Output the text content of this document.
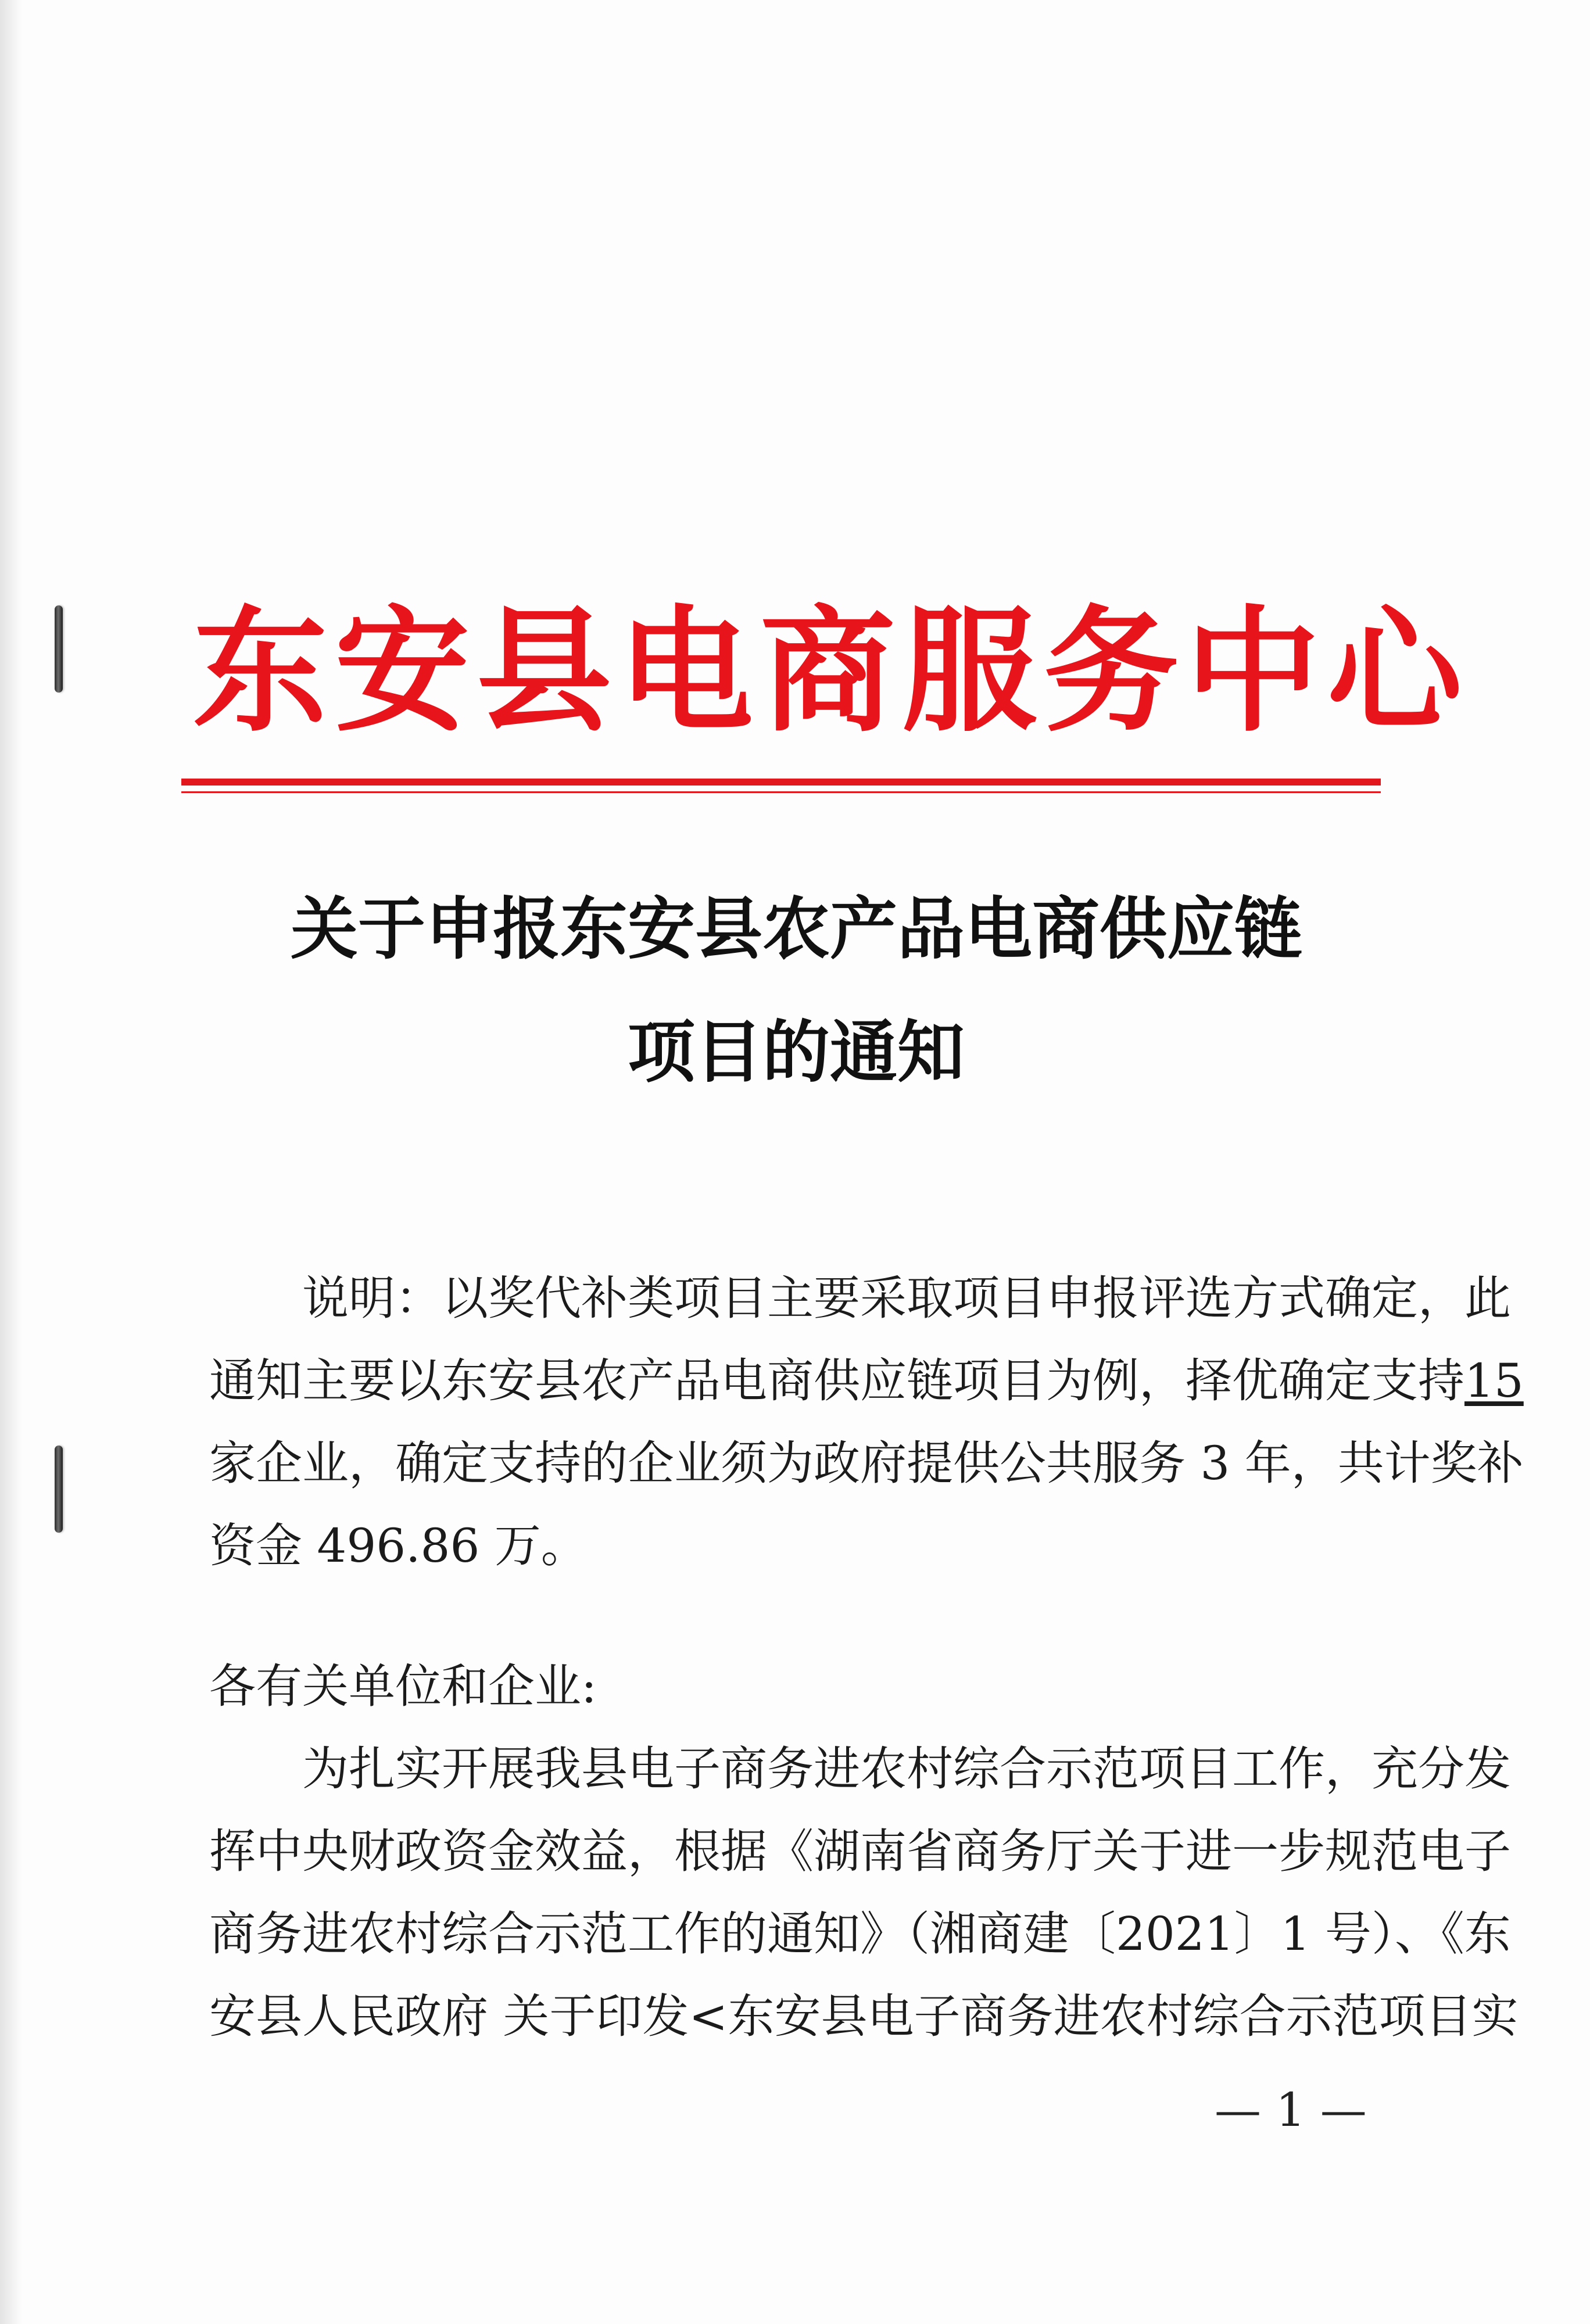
东安县电商服务中心
关于申报东安县农产品电商供应链
项目的通知
说明：以奖代补类项目主要采取项目申报评选方式确定，此
通知主要以东安县农产品电商供应链项目为例，择优确定支持15
家企业，确定支持的企业须为政府提供公共服务 3 年，共计奖补
资金 496.86 万。
各有关单位和企业:
为扎实开展我县电子商务进农村综合示范项目工作，充分发
挥中央财政资金效益，根据《湖南省商务厅关于进一步规范电子
商务进农村综合示范工作的通知》（湘商建〔2021〕1 号）、《东
安县人民政府 关于印发<东安县电子商务进农村综合示范项目实
— 1 —
